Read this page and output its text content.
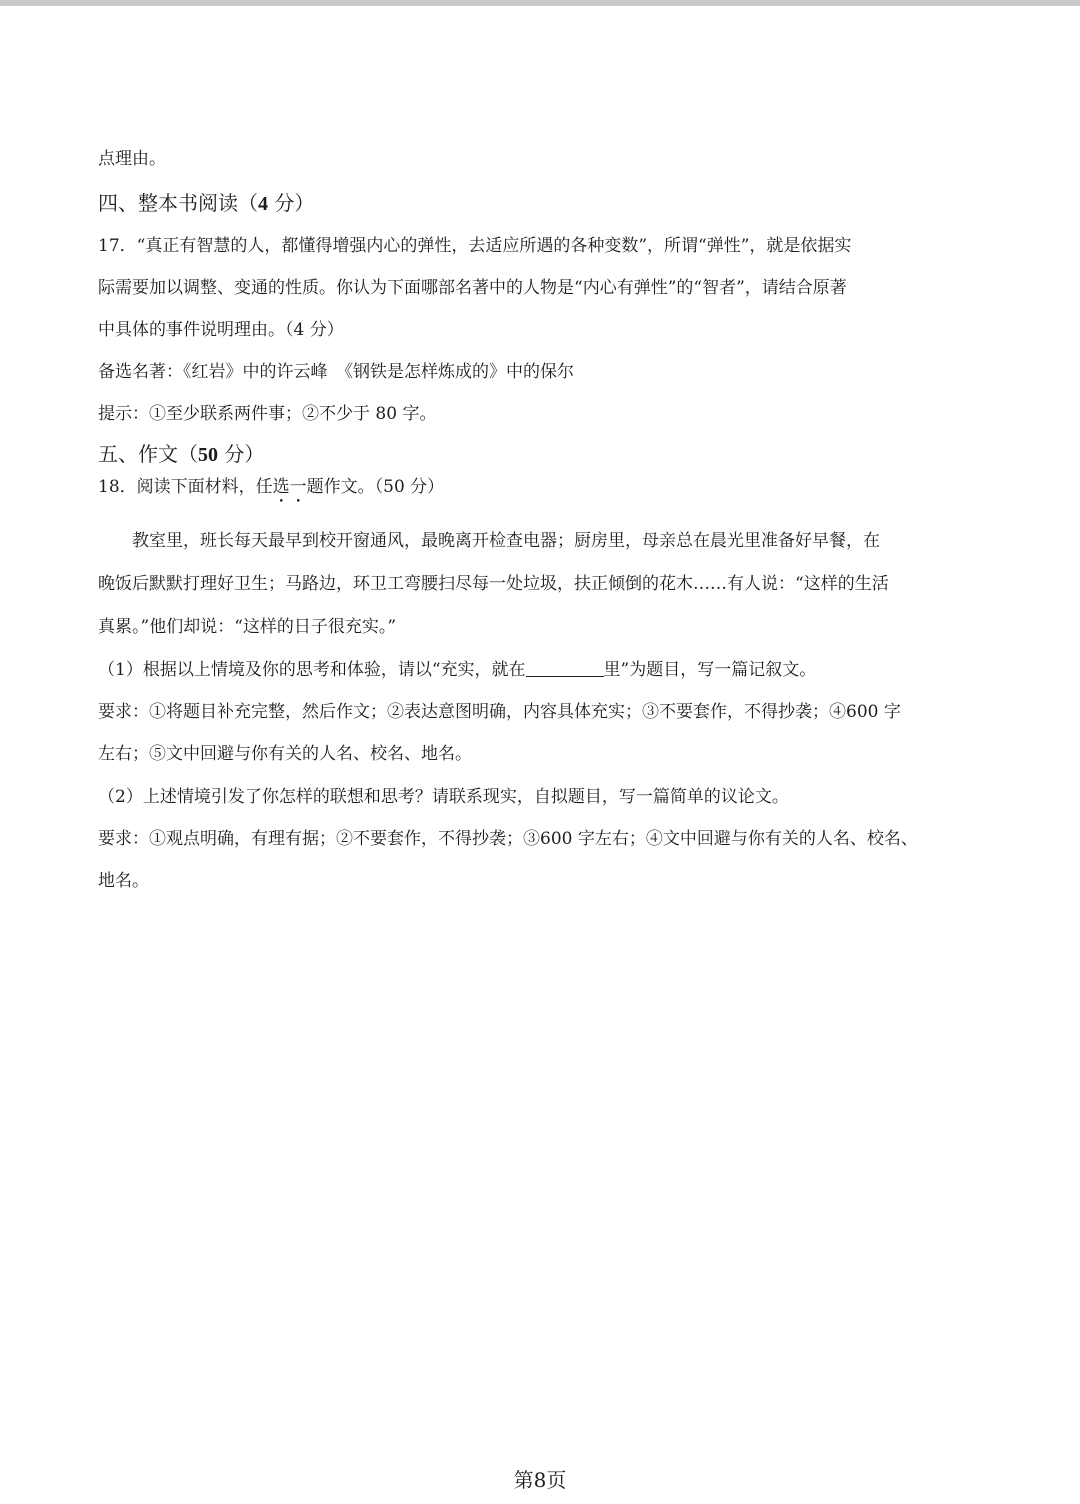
点理由。

四、整本书阅读（4 分）

17．“真正有智慧的人，都懂得增强内心的弹性，去适应所遇的各种变数”，所谓“弹性”，就是依据实

际需要加以调整、变通的性质。你认为下面哪部名著中的人物是“内心有弹性”的“智者”，请结合原著

中具体的事件说明理由。（4 分）

备选名著：《红岩》中的许云峰　《钢铁是怎样炼成的》中的保尔

提示：①至少联系两件事；②不少于 80 字。

五、作文（50 分）

18．阅读下面材料，任选一题作文。（50 分）

　　教室里，班长每天最早到校开窗通风，最晚离开检查电器；厨房里，母亲总在晨光里准备好早餐，在

晚饭后默默打理好卫生；马路边，环卫工弯腰扫尽每一处垃圾，扶正倾倒的花木……有人说：“这样的生活

真累。”他们却说：“这样的日子很充实。”

（1）根据以上情境及你的思考和体验，请以“充实，就在	里”为题目，写一篇记叙文。

要求：①将题目补充完整，然后作文；②表达意图明确，内容具体充实；③不要套作，不得抄袭；④600 字

左右；⑤文中回避与你有关的人名、校名、地名。

（2）上述情境引发了你怎样的联想和思考？请联系现实，自拟题目，写一篇简单的议论文。

要求：①观点明确，有理有据；②不要套作，不得抄袭；③600 字左右；④文中回避与你有关的人名、校名、

地名。

第8页
